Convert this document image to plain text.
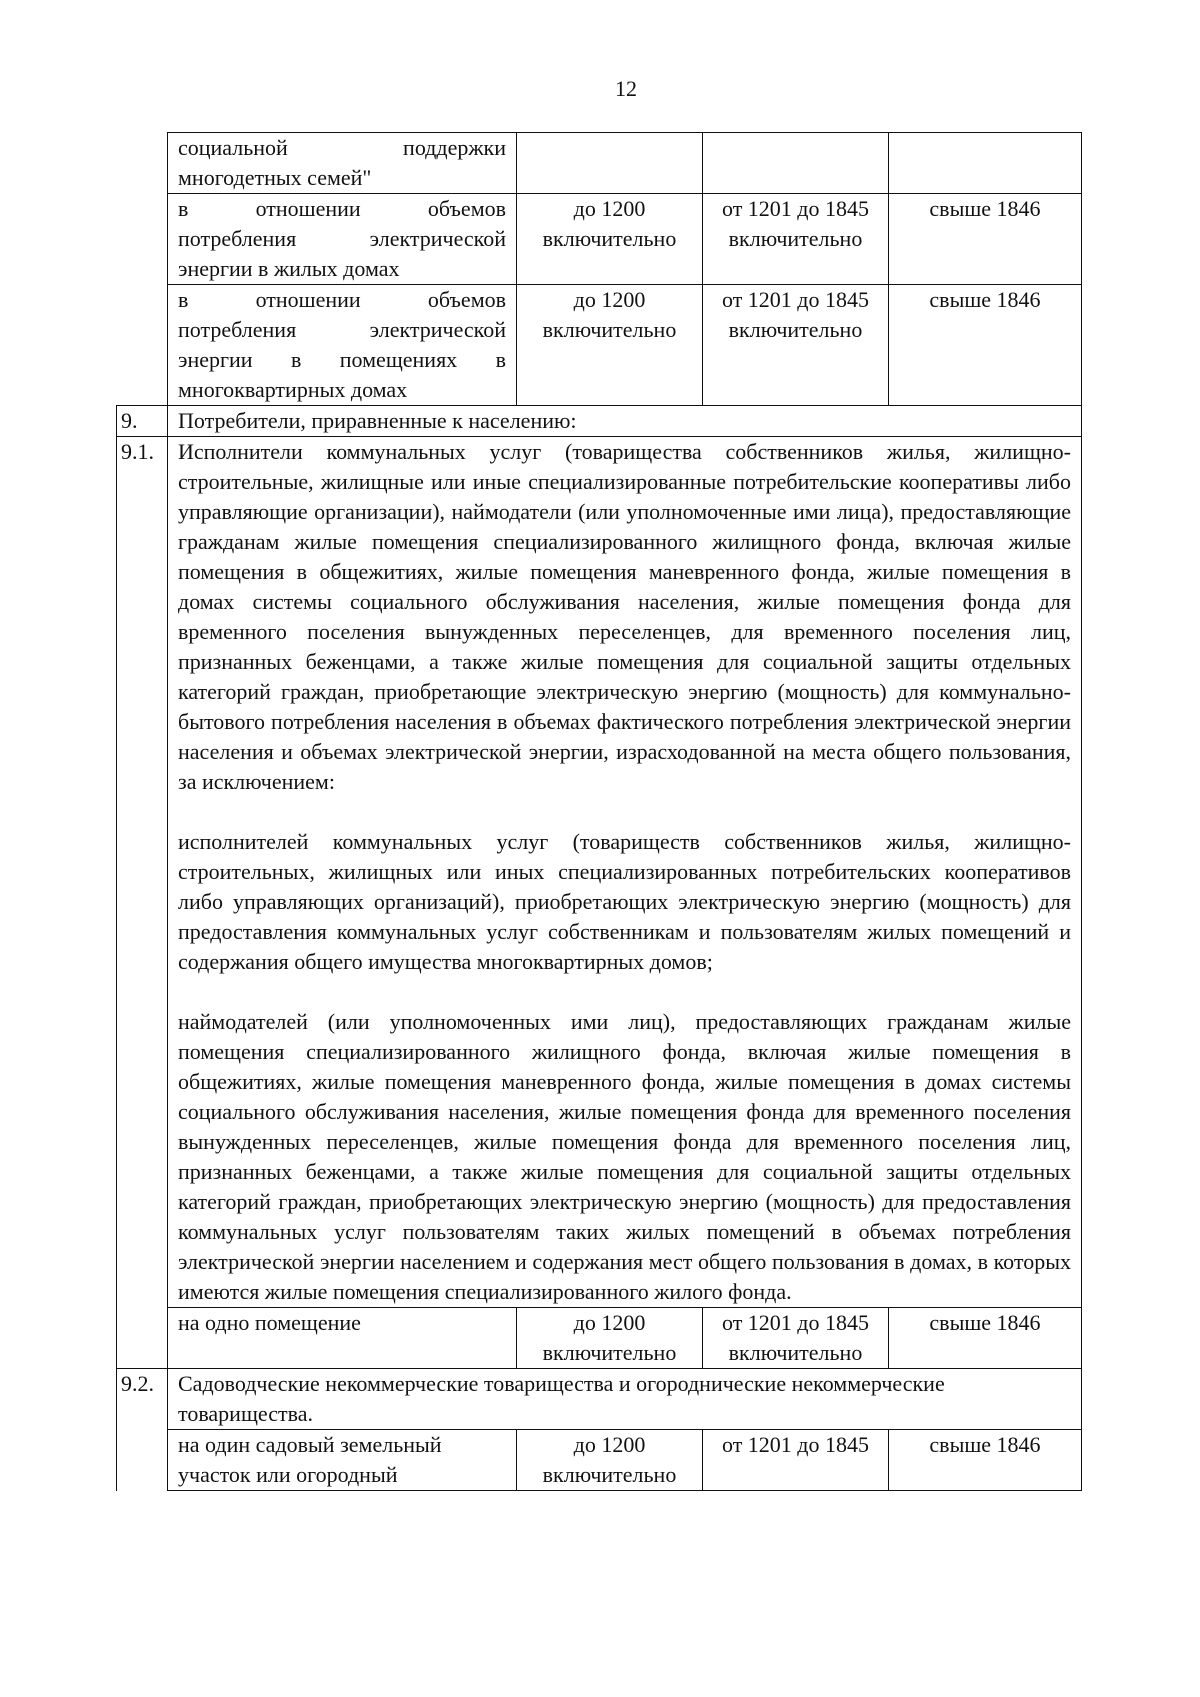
12
	социальной поддержки многодетных семей"			
	в отношении объемов потребления электрической энергии в жилых домах	до 1200 включительно	от 1201 до 1845 включительно	свыше 1846
	в отношении объемов потребления электрической энергии в помещениях в многоквартирных домах	до 1200 включительно	от 1201 до 1845 включительно	свыше 1846
9.	Потребители, приравненные к населению:			
9.1.	Исполнители коммунальных услуг (товарищества собственников жилья, жилищно-строительные, жилищные или иные специализированные потребительские кооперативы либо управляющие организации), наймодатели (или уполномоченные ими лица), предоставляющие гражданам жилые помещения специализированного жилищного фонда, включая жилые помещения в общежитиях, жилые помещения маневренного фонда, жилые помещения в домах системы социального обслуживания населения, жилые помещения фонда для временного поселения вынужденных переселенцев, для временного поселения лиц, признанных беженцами, а также жилые помещения для социальной защиты отдельных категорий граждан, приобретающие электрическую энергию (мощность) для коммунально-бытового потребления населения в объемах фактического потребления электрической энергии населения и объемах электрической энергии, израсходованной на места общего пользования, за исключением:
исполнителей коммунальных услуг (товариществ собственников жилья, жилищно-строительных, жилищных или иных специализированных потребительских кооперативов либо управляющих организаций), приобретающих электрическую энергию (мощность) для предоставления коммунальных услуг собственникам и пользователям жилых помещений и содержания общего имущества многоквартирных домов;
наймодателей (или уполномоченных ими лиц), предоставляющих гражданам жилые помещения специализированного жилищного фонда, включая жилые помещения в общежитиях, жилые помещения маневренного фонда, жилые помещения в домах системы социального обслуживания населения, жилые помещения фонда для временного поселения вынужденных переселенцев, жилые помещения фонда для временного поселения лиц, признанных беженцами, а также жилые помещения для социальной защиты отдельных категорий граждан, приобретающих электрическую энергию (мощность) для предоставления коммунальных услуг пользователям таких жилых помещений в объемах потребления электрической энергии населением и содержания мест общего пользования в домах, в которых имеются жилые помещения специализированного жилого фонда.			

	на одно помещение	до 1200 включительно	от 1201 до 1845 включительно	свыше 1846
9.2.	Садоводческие некоммерческие товарищества и огороднические некоммерческие товарищества.			
	на один садовый земельный участок или огородный	до 1200 включительно	от 1201 до 1845	свыше 1846
